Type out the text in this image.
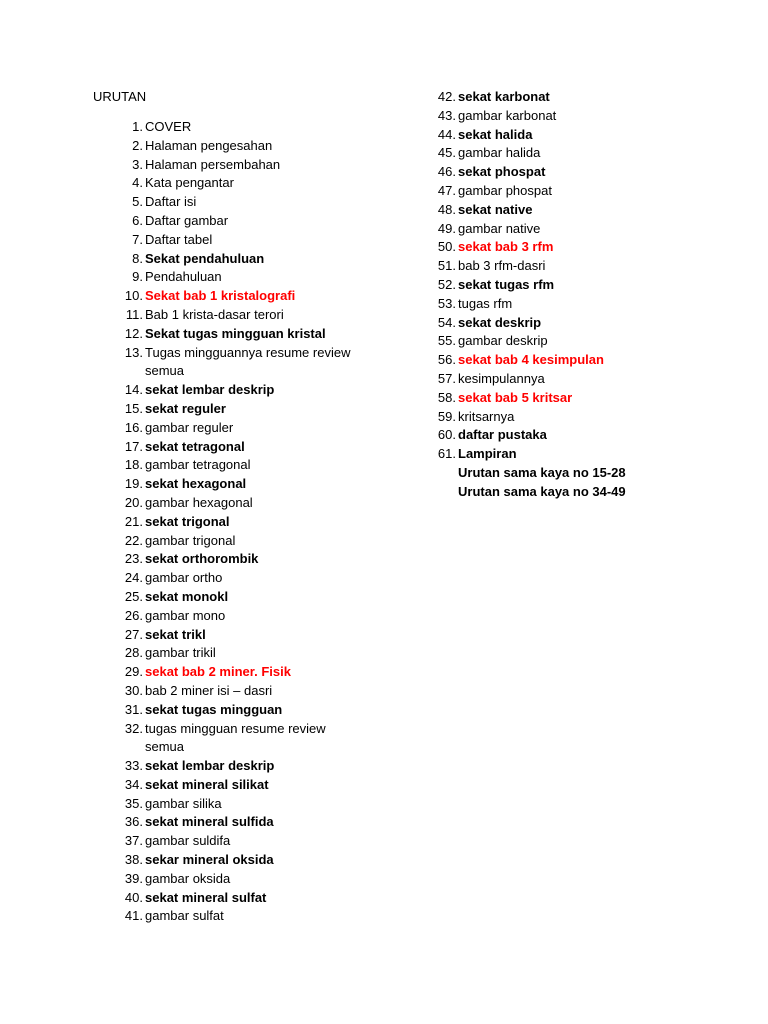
URUTAN
1. COVER
2. Halaman pengesahan
3. Halaman persembahan
4. Kata pengantar
5. Daftar isi
6. Daftar gambar
7. Daftar tabel
8. Sekat pendahuluan
9. Pendahuluan
10. Sekat bab 1 kristalografi
11. Bab 1 krista-dasar terori
12. Sekat tugas mingguan kristal
13. Tugas mingguannya resume review semua
14. sekat lembar deskrip
15. sekat reguler
16. gambar reguler
17. sekat tetragonal
18. gambar tetragonal
19. sekat hexagonal
20. gambar hexagonal
21. sekat trigonal
22. gambar trigonal
23. sekat orthorombik
24. gambar ortho
25. sekat monokl
26. gambar mono
27. sekat trikl
28. gambar trikil
29. sekat bab 2 miner. Fisik
30. bab 2 miner isi – dasri
31. sekat tugas mingguan
32. tugas mingguan resume review semua
33. sekat lembar deskrip
34. sekat mineral silikat
35. gambar silika
36. sekat mineral sulfida
37. gambar suldifa
38. sekar mineral oksida
39. gambar oksida
40. sekat mineral sulfat
41. gambar sulfat
42. sekat karbonat
43. gambar karbonat
44. sekat halida
45. gambar halida
46. sekat phospat
47. gambar phospat
48. sekat native
49. gambar native
50. sekat bab 3 rfm
51. bab 3 rfm-dasri
52. sekat tugas rfm
53. tugas rfm
54. sekat deskrip
55. gambar deskrip
56. sekat bab 4 kesimpulan
57. kesimpulannya
58. sekat bab 5 kritsar
59. kritsarnya
60. daftar pustaka
61. Lampiran
Urutan sama kaya no 15-28
Urutan sama kaya no 34-49
